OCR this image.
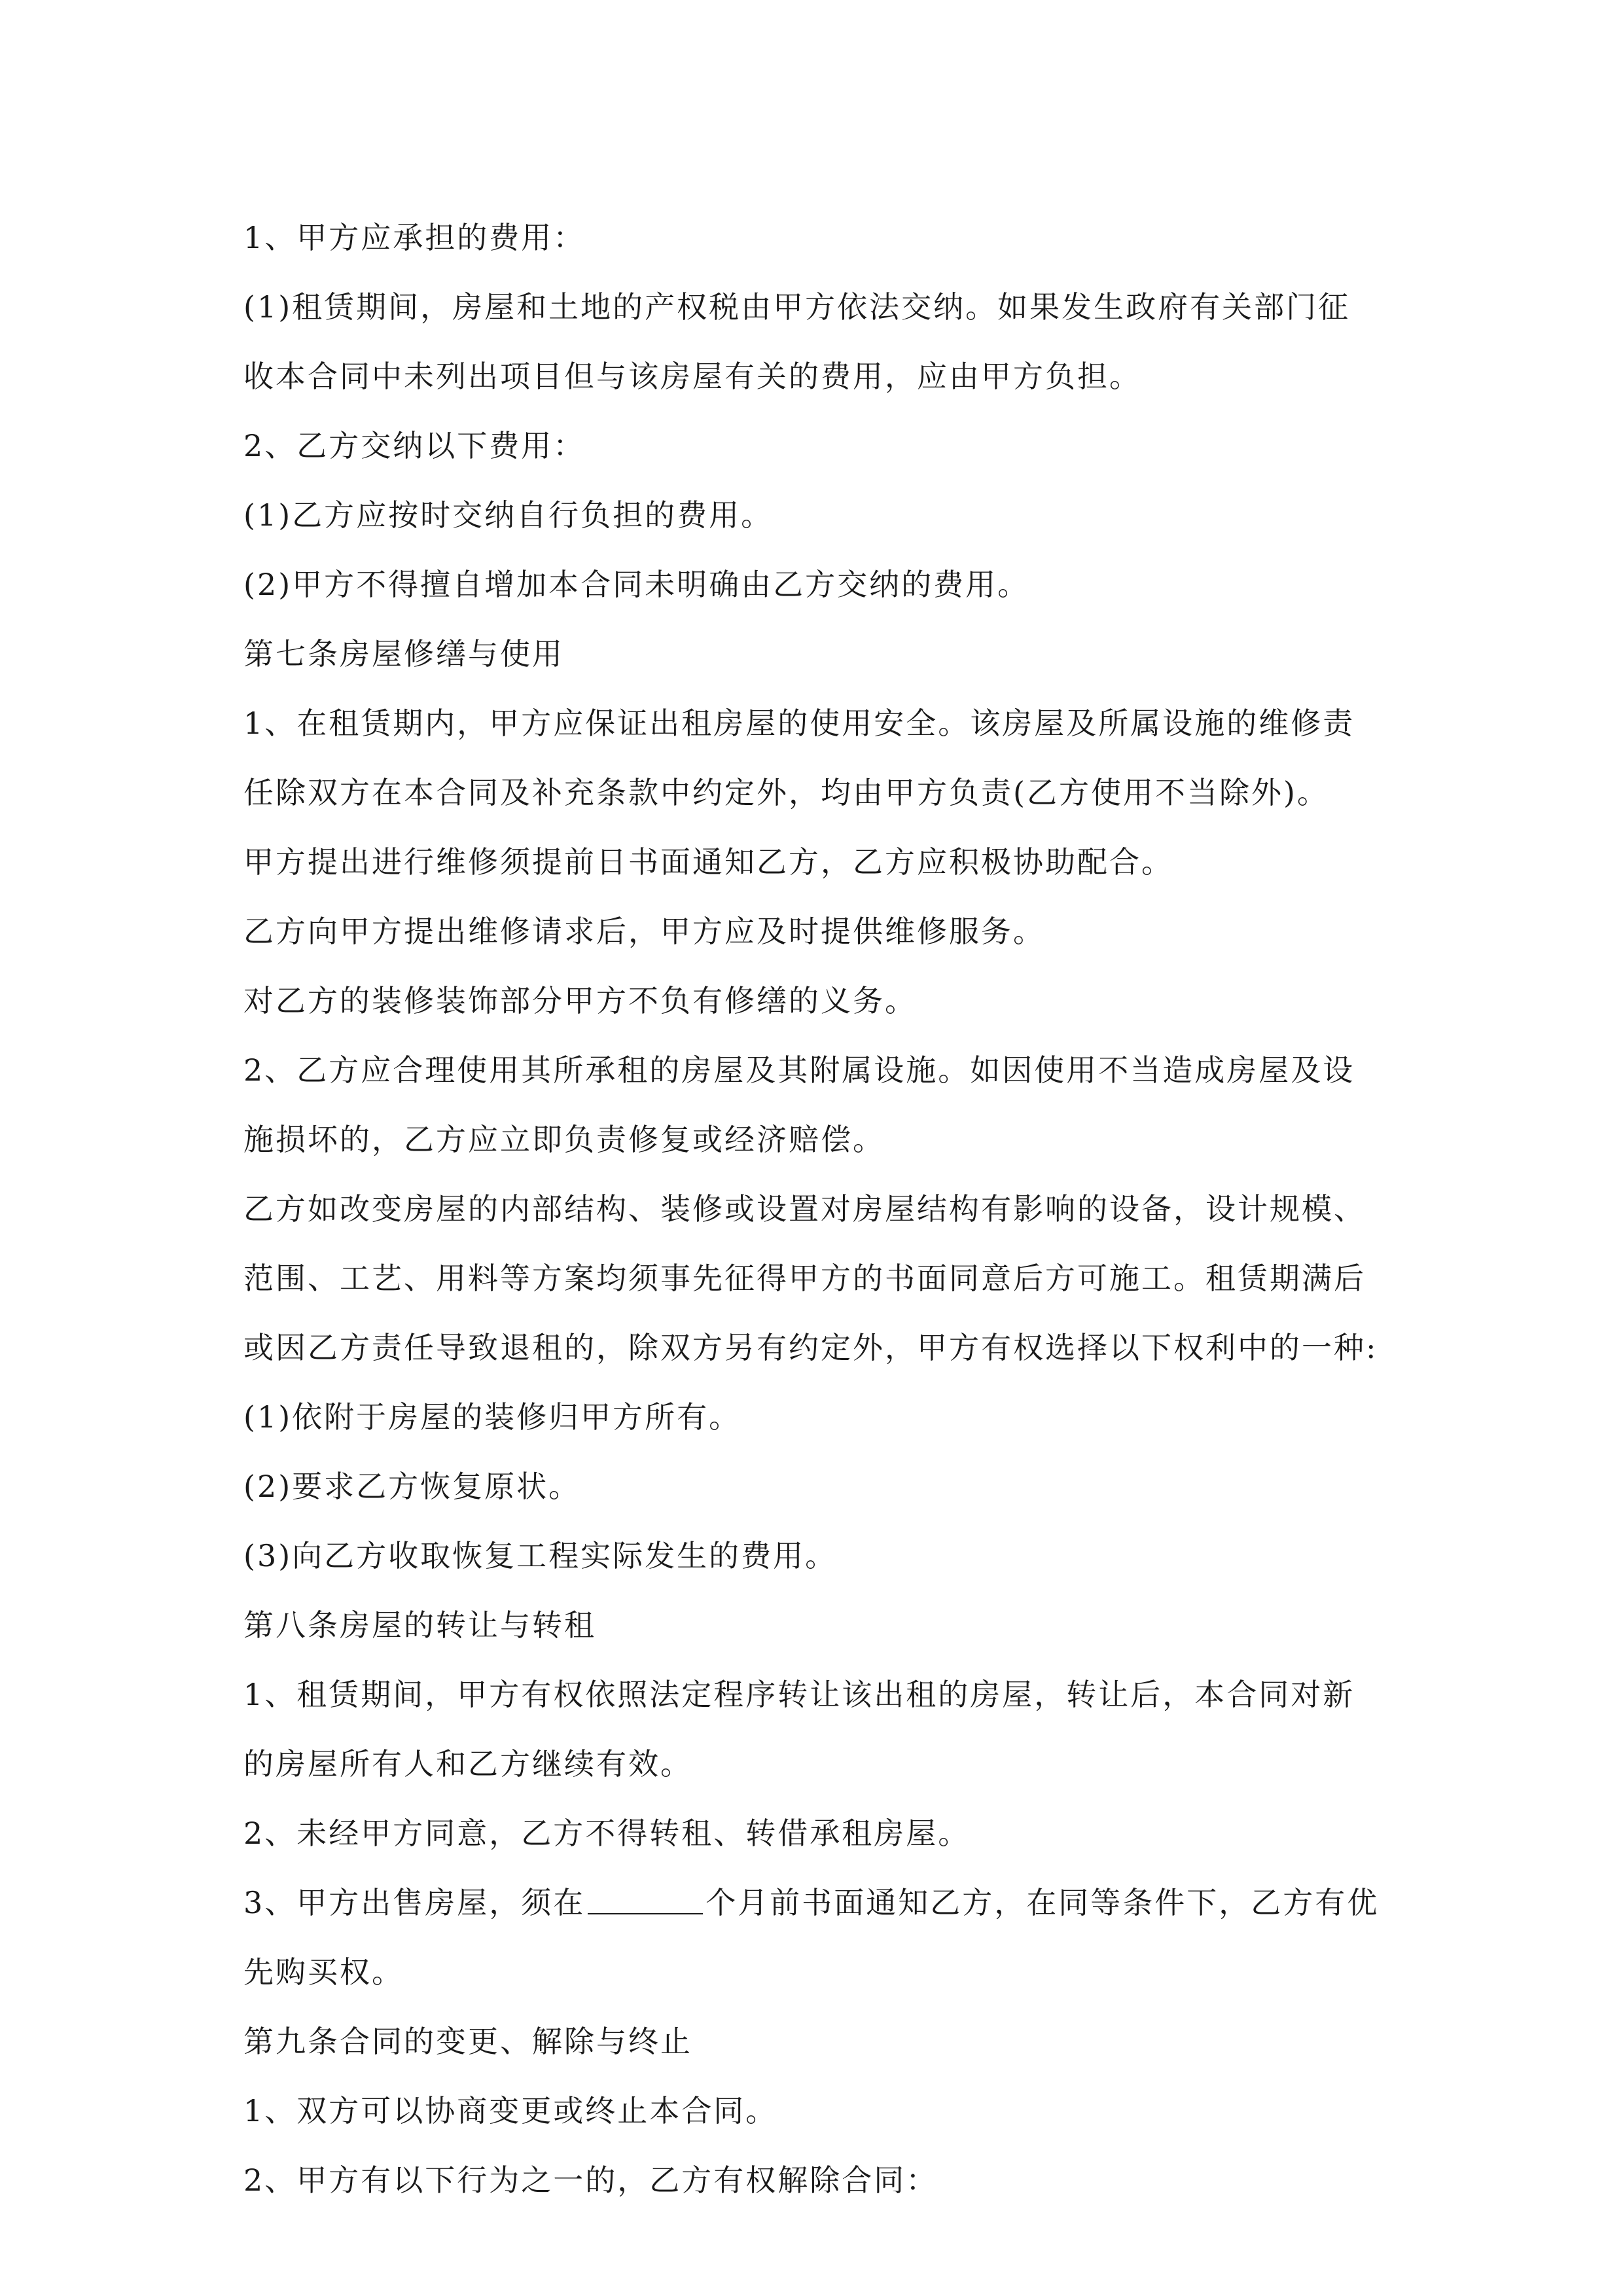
1、甲方应承担的费用：
(1)租赁期间，房屋和土地的产权税由甲方依法交纳。如果发生政府有关部门征
收本合同中未列出项目但与该房屋有关的费用，应由甲方负担。
2、乙方交纳以下费用：
(1)乙方应按时交纳自行负担的费用。
(2)甲方不得擅自增加本合同未明确由乙方交纳的费用。
第七条房屋修缮与使用
1、在租赁期内，甲方应保证出租房屋的使用安全。该房屋及所属设施的维修责
任除双方在本合同及补充条款中约定外，均由甲方负责(乙方使用不当除外)。
甲方提出进行维修须提前日书面通知乙方，乙方应积极协助配合。
乙方向甲方提出维修请求后，甲方应及时提供维修服务。
对乙方的装修装饰部分甲方不负有修缮的义务。
2、乙方应合理使用其所承租的房屋及其附属设施。如因使用不当造成房屋及设
施损坏的，乙方应立即负责修复或经济赔偿。
乙方如改变房屋的内部结构、装修或设置对房屋结构有影响的设备，设计规模、
范围、工艺、用料等方案均须事先征得甲方的书面同意后方可施工。租赁期满后
或因乙方责任导致退租的，除双方另有约定外，甲方有权选择以下权利中的一种:
(1)依附于房屋的装修归甲方所有。
(2)要求乙方恢复原状。
(3)向乙方收取恢复工程实际发生的费用。
第八条房屋的转让与转租
1、租赁期间，甲方有权依照法定程序转让该出租的房屋，转让后，本合同对新
的房屋所有人和乙方继续有效。
2、未经甲方同意，乙方不得转租、转借承租房屋。
3、甲方出售房屋，须在	个月前书面通知乙方，在同等条件下，乙方有优
先购买权。
第九条合同的变更、解除与终止
1、双方可以协商变更或终止本合同。
2、甲方有以下行为之一的，乙方有权解除合同：
